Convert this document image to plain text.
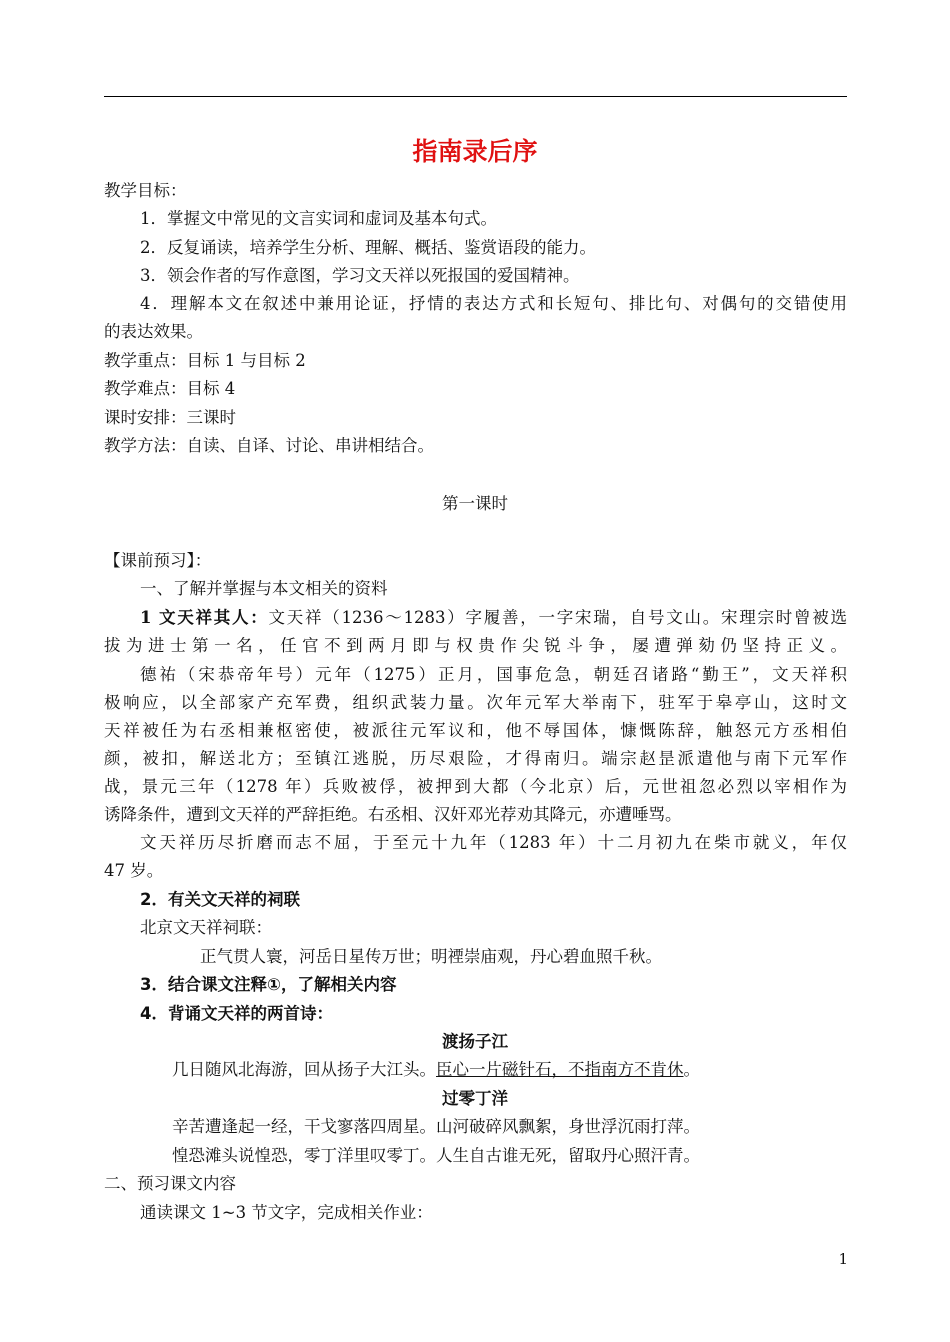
指南录后序
教学目标：
1．掌握文中常见的文言实词和虚词及基本句式。
2．反复诵读，培养学生分析、理解、概括、鉴赏语段的能力。
3．领会作者的写作意图，学习文天祥以死报国的爱国精神。
4．理解本文在叙述中兼用论证，抒情的表达方式和长短句、排比句、对偶句的交错使用
的表达效果。
教学重点：目标 1 与目标 2
教学难点：目标 4
课时安排：三课时
教学方法：自读、自译、讨论、串讲相结合。
第一课时
【课前预习】：
一、了解并掌握与本文相关的资料
1 文天祥其人：文天祥（1236～1283）字履善，一字宋瑞，自号文山。宋理宗时曾被选
拔为进士第一名，任官不到两月即与权贵作尖锐斗争，屡遭弹劾仍坚持正义。
德祐（宋恭帝年号）元年（1275）正月，国事危急，朝廷召诸路“勤王”，文天祥积
极响应，以全部家产充军费，组织武装力量。次年元军大举南下，驻军于皋亭山，这时文
天祥被任为右丞相兼枢密使，被派往元军议和，他不辱国体，慷慨陈辞，触怒元方丞相伯
颜，被扣，解送北方；至镇江逃脱，历尽艰险，才得南归。端宗赵昰派遣他与南下元军作
战，景元三年（1278 年）兵败被俘，被押到大都（今北京）后，元世祖忽必烈以宰相作为
诱降条件，遭到文天祥的严辞拒绝。右丞相、汉奸邓光荐劝其降元，亦遭唾骂。
文天祥历尽折磨而志不屈，于至元十九年（1283 年）十二月初九在柴市就义，年仅
47 岁。
2．有关文天祥的祠联
北京文天祥祠联：
正气贯人寰，河岳日星传万世；明禋崇庙观，丹心碧血照千秋。
3．结合课文注释①，了解相关内容
4．背诵文天祥的两首诗：
渡扬子江
几日随风北海游，回从扬子大江头。臣心一片磁针石，不指南方不肯休。
过零丁洋
辛苦遭逢起一经，干戈寥落四周星。山河破碎风飘絮，身世浮沉雨打萍。
惶恐滩头说惶恐，零丁洋里叹零丁。人生自古谁无死，留取丹心照汗青。
二、预习课文内容
通读课文 1~3 节文字，完成相关作业：
1
